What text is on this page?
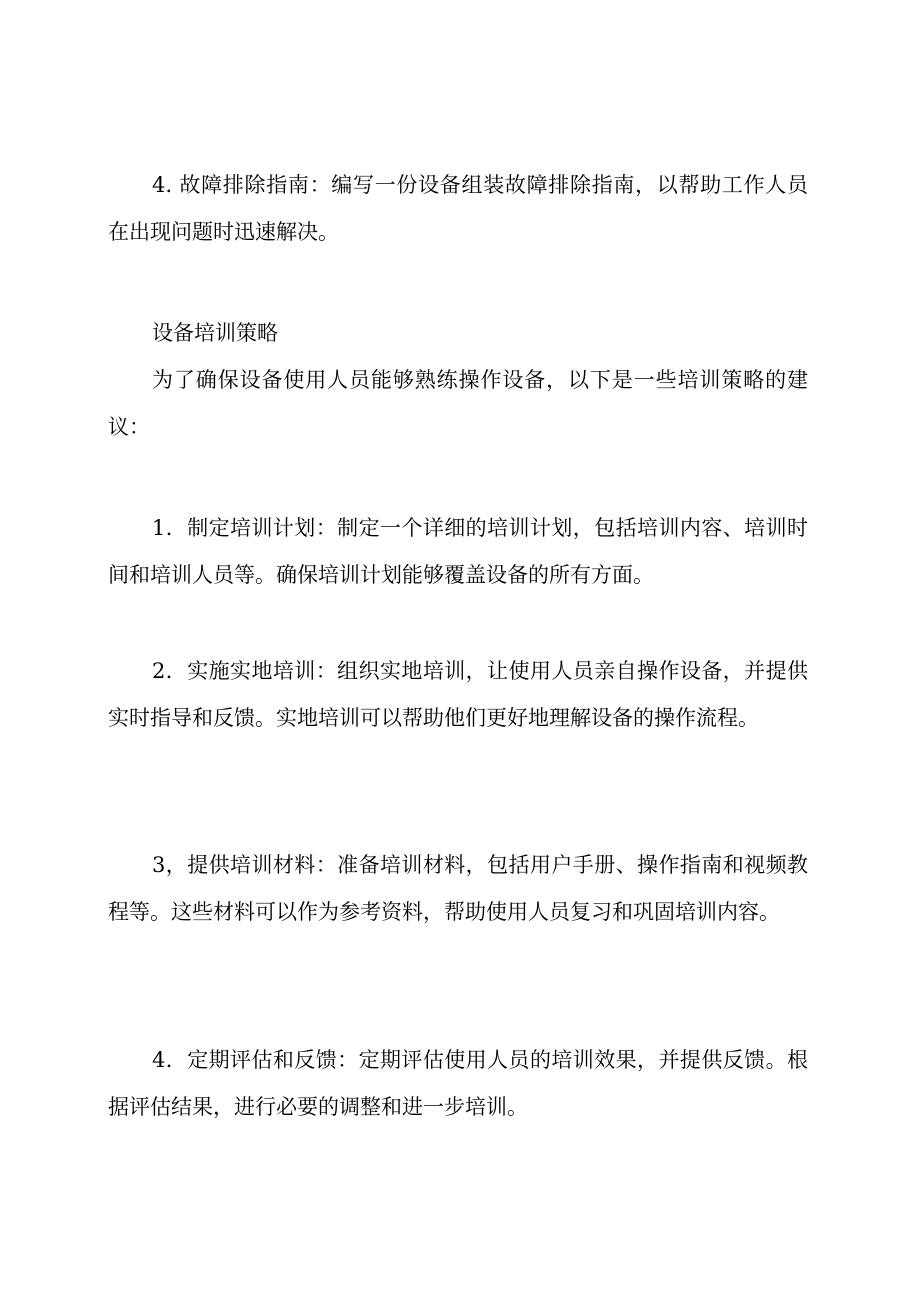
4. 故障排除指南：编写一份设备组装故障排除指南，以帮助工作人员在出现问题时迅速解决。

设备培训策略

为了确保设备使用人员能够熟练操作设备，以下是一些培训策略的建议：

1．制定培训计划：制定一个详细的培训计划，包括培训内容、培训时间和培训人员等。确保培训计划能够覆盖设备的所有方面。

2．实施实地培训：组织实地培训，让使用人员亲自操作设备，并提供实时指导和反馈。实地培训可以帮助他们更好地理解设备的操作流程。

3，提供培训材料：准备培训材料，包括用户手册、操作指南和视频教程等。这些材料可以作为参考资料，帮助使用人员复习和巩固培训内容。

4．定期评估和反馈：定期评估使用人员的培训效果，并提供反馈。根据评估结果，进行必要的调整和进一步培训。
